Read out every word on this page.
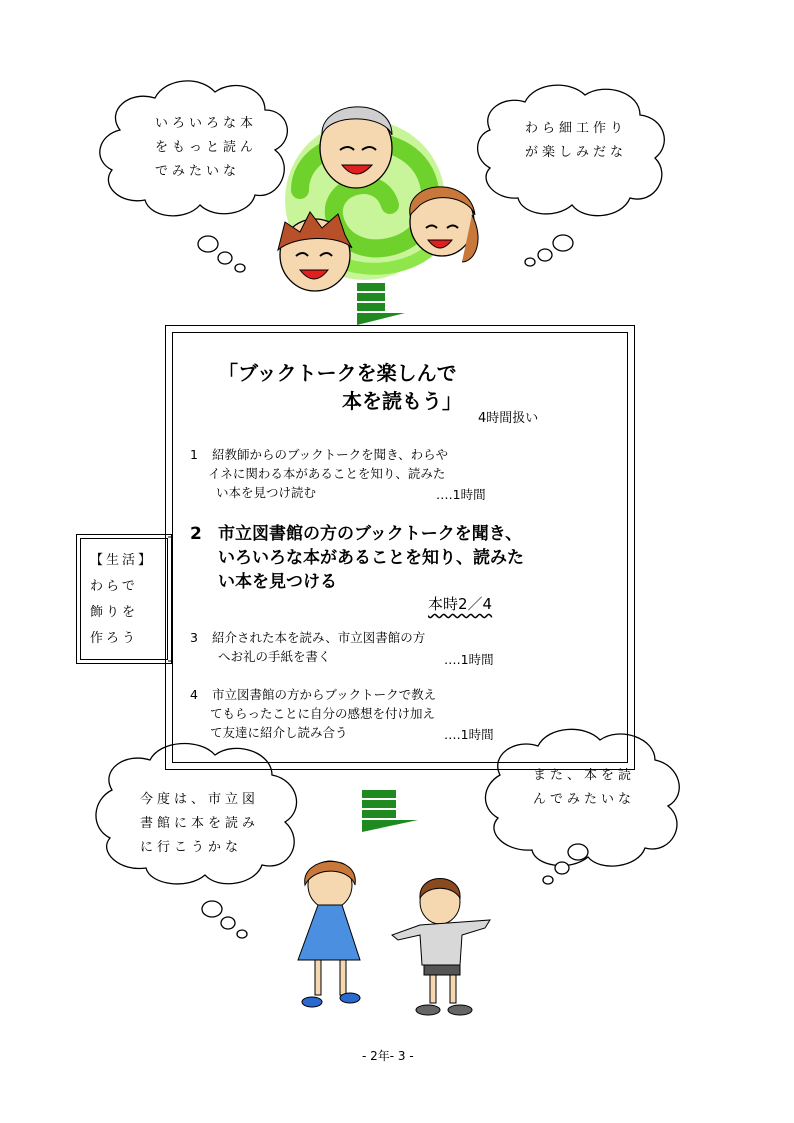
いろいろな本
をもっと読ん
でみたいな
わら細工作り
が楽しみだな
今度は、市立図
書館に本を読み
に行こうかな
また、本を読
んでみたいな
「ブックトークを楽しんで
本を読もう」
4時間扱い
1 紹教師からのブックトークを聞き、わらや
イネに関わる本があることを知り、読みた
い本を見つけ読む	‥‥1時間
2 市立図書館の方のブックトークを聞き、
いろいろな本があることを知り、読みた
い本を見つける
本時2／4
3 紹介された本を読み、市立図書館の方
へお礼の手紙を書く	‥‥1時間
4 市立図書館の方からブックトークで教え
てもらったことに自分の感想を付け加え
て友達に紹介し読み合う	‥‥1時間
【生活】
わらで
飾りを
作ろう
- 2年- 3 -
